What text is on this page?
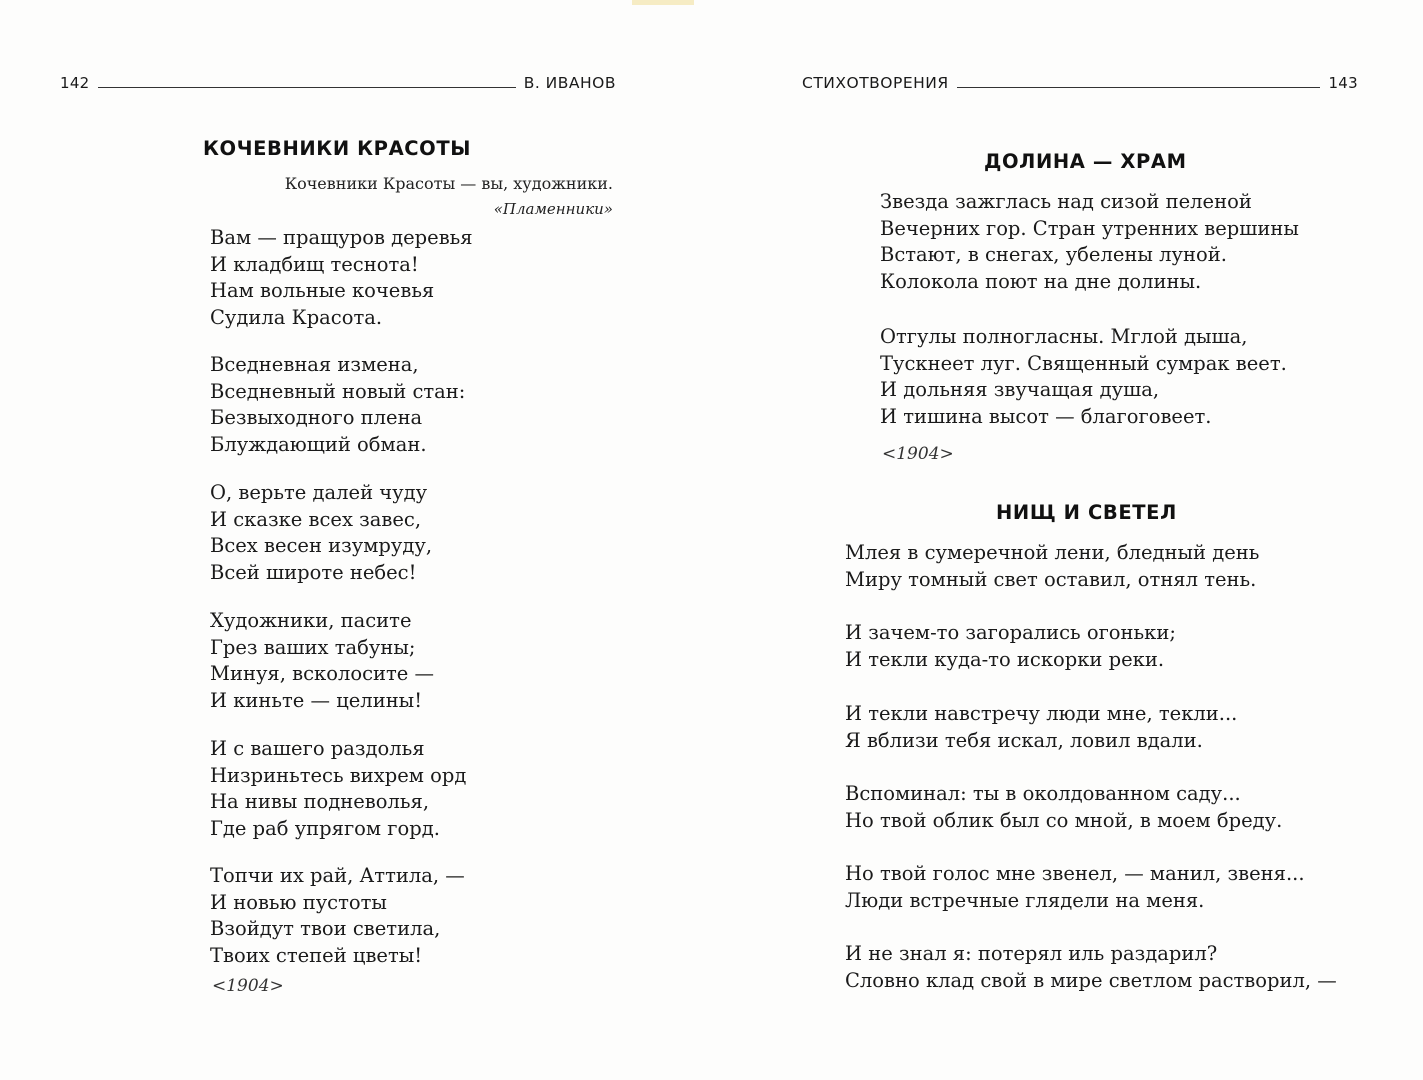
142	В. ИВАНОВ
КОЧЕВНИКИ КРАСОТЫ
Кочевники Красоты — вы, художники.
«Пламенники»
Вам — пращуров деревья
И кладбищ теснота!
Нам вольные кочевья
Судила Красота.
Вседневная измена,
Вседневный новый стан:
Безвыходного плена
Блуждающий обман.
О, верьте далей чуду
И сказке всех завес,
Всех весен изумруду,
Всей широте небес!
Художники, пасите
Грез ваших табуны;
Минуя, всколосите —
И киньте — целины!
И с вашего раздолья
Низриньтесь вихрем орд
На нивы подневолья,
Где раб упрягом горд.
Топчи их рай, Аттила, —
И новью пустоты
Взойдут твои светила,
Твоих степей цветы!
<1904>
СТИХОТВОРЕНИЯ	143
ДОЛИНА — ХРАМ
Звезда зажглась над сизой пеленой
Вечерних гор. Стран утренних вершины
Встают, в снегах, убелены луной.
Колокола поют на дне долины.
Отгулы полногласны. Мглой дыша,
Тускнеет луг. Священный сумрак веет.
И дольняя звучащая душа,
И тишина высот — благоговеет.
<1904>
НИЩ И СВЕТЕЛ
Млея в сумеречной лени, бледный день
Миру томный свет оставил, отнял тень.
И зачем-то загорались огоньки;
И текли куда-то искорки реки.
И текли навстречу люди мне, текли...
Я вблизи тебя искал, ловил вдали.
Вспоминал: ты в околдованном саду...
Но твой облик был со мной, в моем бреду.
Но твой голос мне звенел, — манил, звеня...
Люди встречные глядели на меня.
И не знал я: потерял иль раздарил?
Словно клад свой в мире светлом растворил, —
